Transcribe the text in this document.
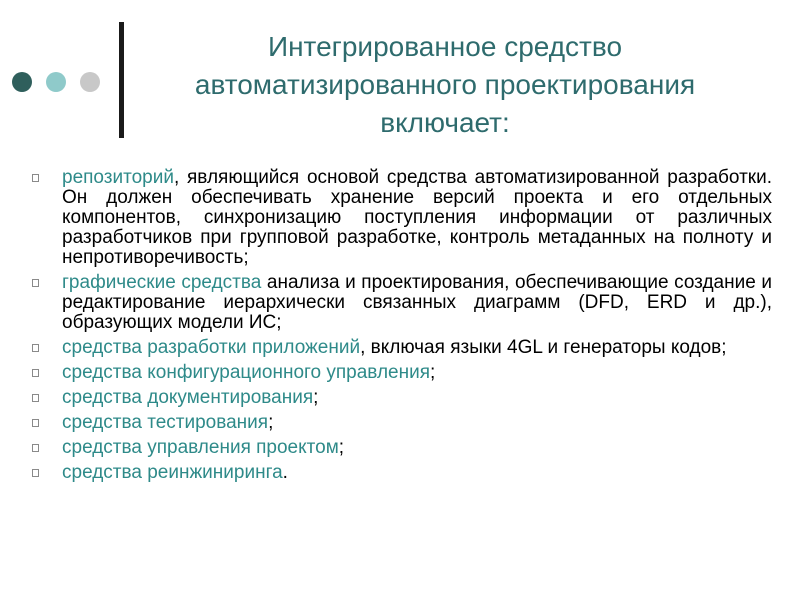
Интегрированное средство
автоматизированного проектирования
включает:
репозиторий, являющийся основой средства автоматизированной разработки. Он должен обеспечивать хранение версий проекта и его отдельных компонентов, синхронизацию поступления информации от различных разработчиков при групповой разработке, контроль метаданных на полноту и непротиворечивость;
графические средства анализа и проектирования, обеспечивающие создание и редактирование иерархически связанных диаграмм (DFD, ERD и др.), образующих модели ИС;
средства разработки приложений, включая языки 4GL и генераторы кодов;
средства конфигурационного управления;
средства документирования;
средства тестирования;
средства управления проектом;
средства реинжиниринга.
